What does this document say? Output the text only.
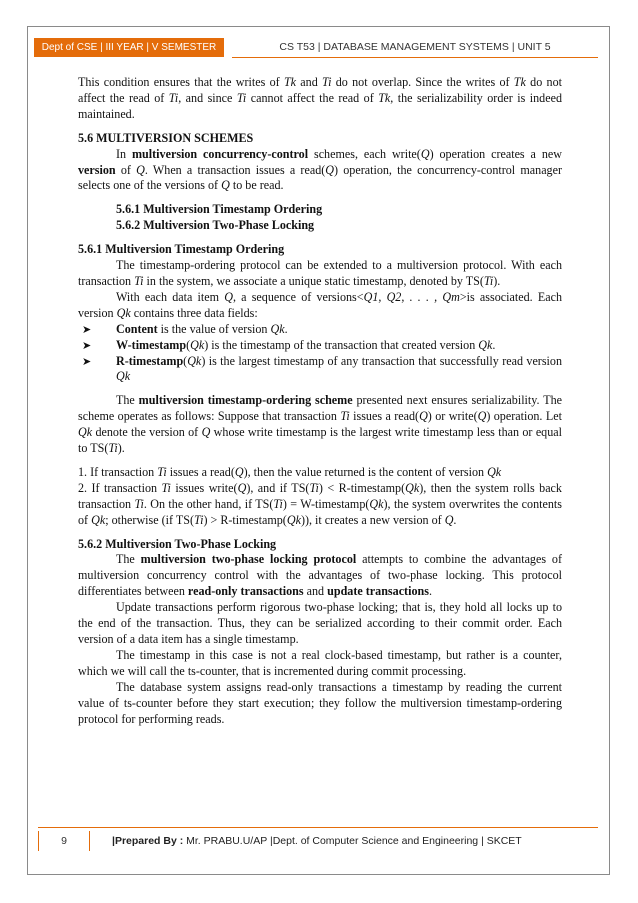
Dept of CSE | III YEAR | V SEMESTER	CS T53 | DATABASE MANAGEMENT SYSTEMS | UNIT 5

This condition ensures that the writes of Tk and Ti do not overlap. Since the writes of Tk do not affect the read of Ti, and since Ti cannot affect the read of Tk, the serializability order is indeed maintained.

5.6 MULTIVERSION SCHEMES

In multiversion concurrency-control schemes, each write(Q) operation creates a new version of Q. When a transaction issues a read(Q) operation, the concurrency-control manager selects one of the versions of Q to be read.

5.6.1 Multiversion Timestamp Ordering

5.6.2 Multiversion Two-Phase Locking

5.6.1 Multiversion Timestamp Ordering

The timestamp-ordering protocol can be extended to a multiversion protocol. With each transaction Ti in the system, we associate a unique static timestamp, denoted by TS(Ti).

With each data item Q, a sequence of versions<Q1, Q2, . . . , Qm>is associated. Each version Qk contains three data fields:

➤ Content is the value of version Qk.

➤ W-timestamp(Qk) is the timestamp of the transaction that created version Qk.

➤ R-timestamp(Qk) is the largest timestamp of any transaction that successfully read version Qk

The multiversion timestamp-ordering scheme presented next ensures serializability. The scheme operates as follows: Suppose that transaction Ti issues a read(Q) or write(Q) operation. Let Qk denote the version of Q whose write timestamp is the largest write timestamp less than or equal to TS(Ti).

1. If transaction Ti issues a read(Q), then the value returned is the content of version Qk

2. If transaction Ti issues write(Q), and if TS(Ti) < R-timestamp(Qk), then the system rolls back transaction Ti. On the other hand, if TS(Ti) = W-timestamp(Qk), the system overwrites the contents of Qk; otherwise (if TS(Ti) > R-timestamp(Qk)), it creates a new version of Q.

5.6.2 Multiversion Two-Phase Locking

The multiversion two-phase locking protocol attempts to combine the advantages of multiversion concurrency control with the advantages of two-phase locking. This protocol differentiates between read-only transactions and update transactions.

Update transactions perform rigorous two-phase locking; that is, they hold all locks up to the end of the transaction. Thus, they can be serialized according to their commit order. Each version of a data item has a single timestamp.

The timestamp in this case is not a real clock-based timestamp, but rather is a counter, which we will call the ts-counter, that is incremented during commit processing.

The database system assigns read-only transactions a timestamp by reading the current value of ts-counter before they start execution; they follow the multiversion timestamp-ordering protocol for performing reads.

9	|Prepared By : Mr. PRABU.U/AP |Dept. of Computer Science and Engineering | SKCET
